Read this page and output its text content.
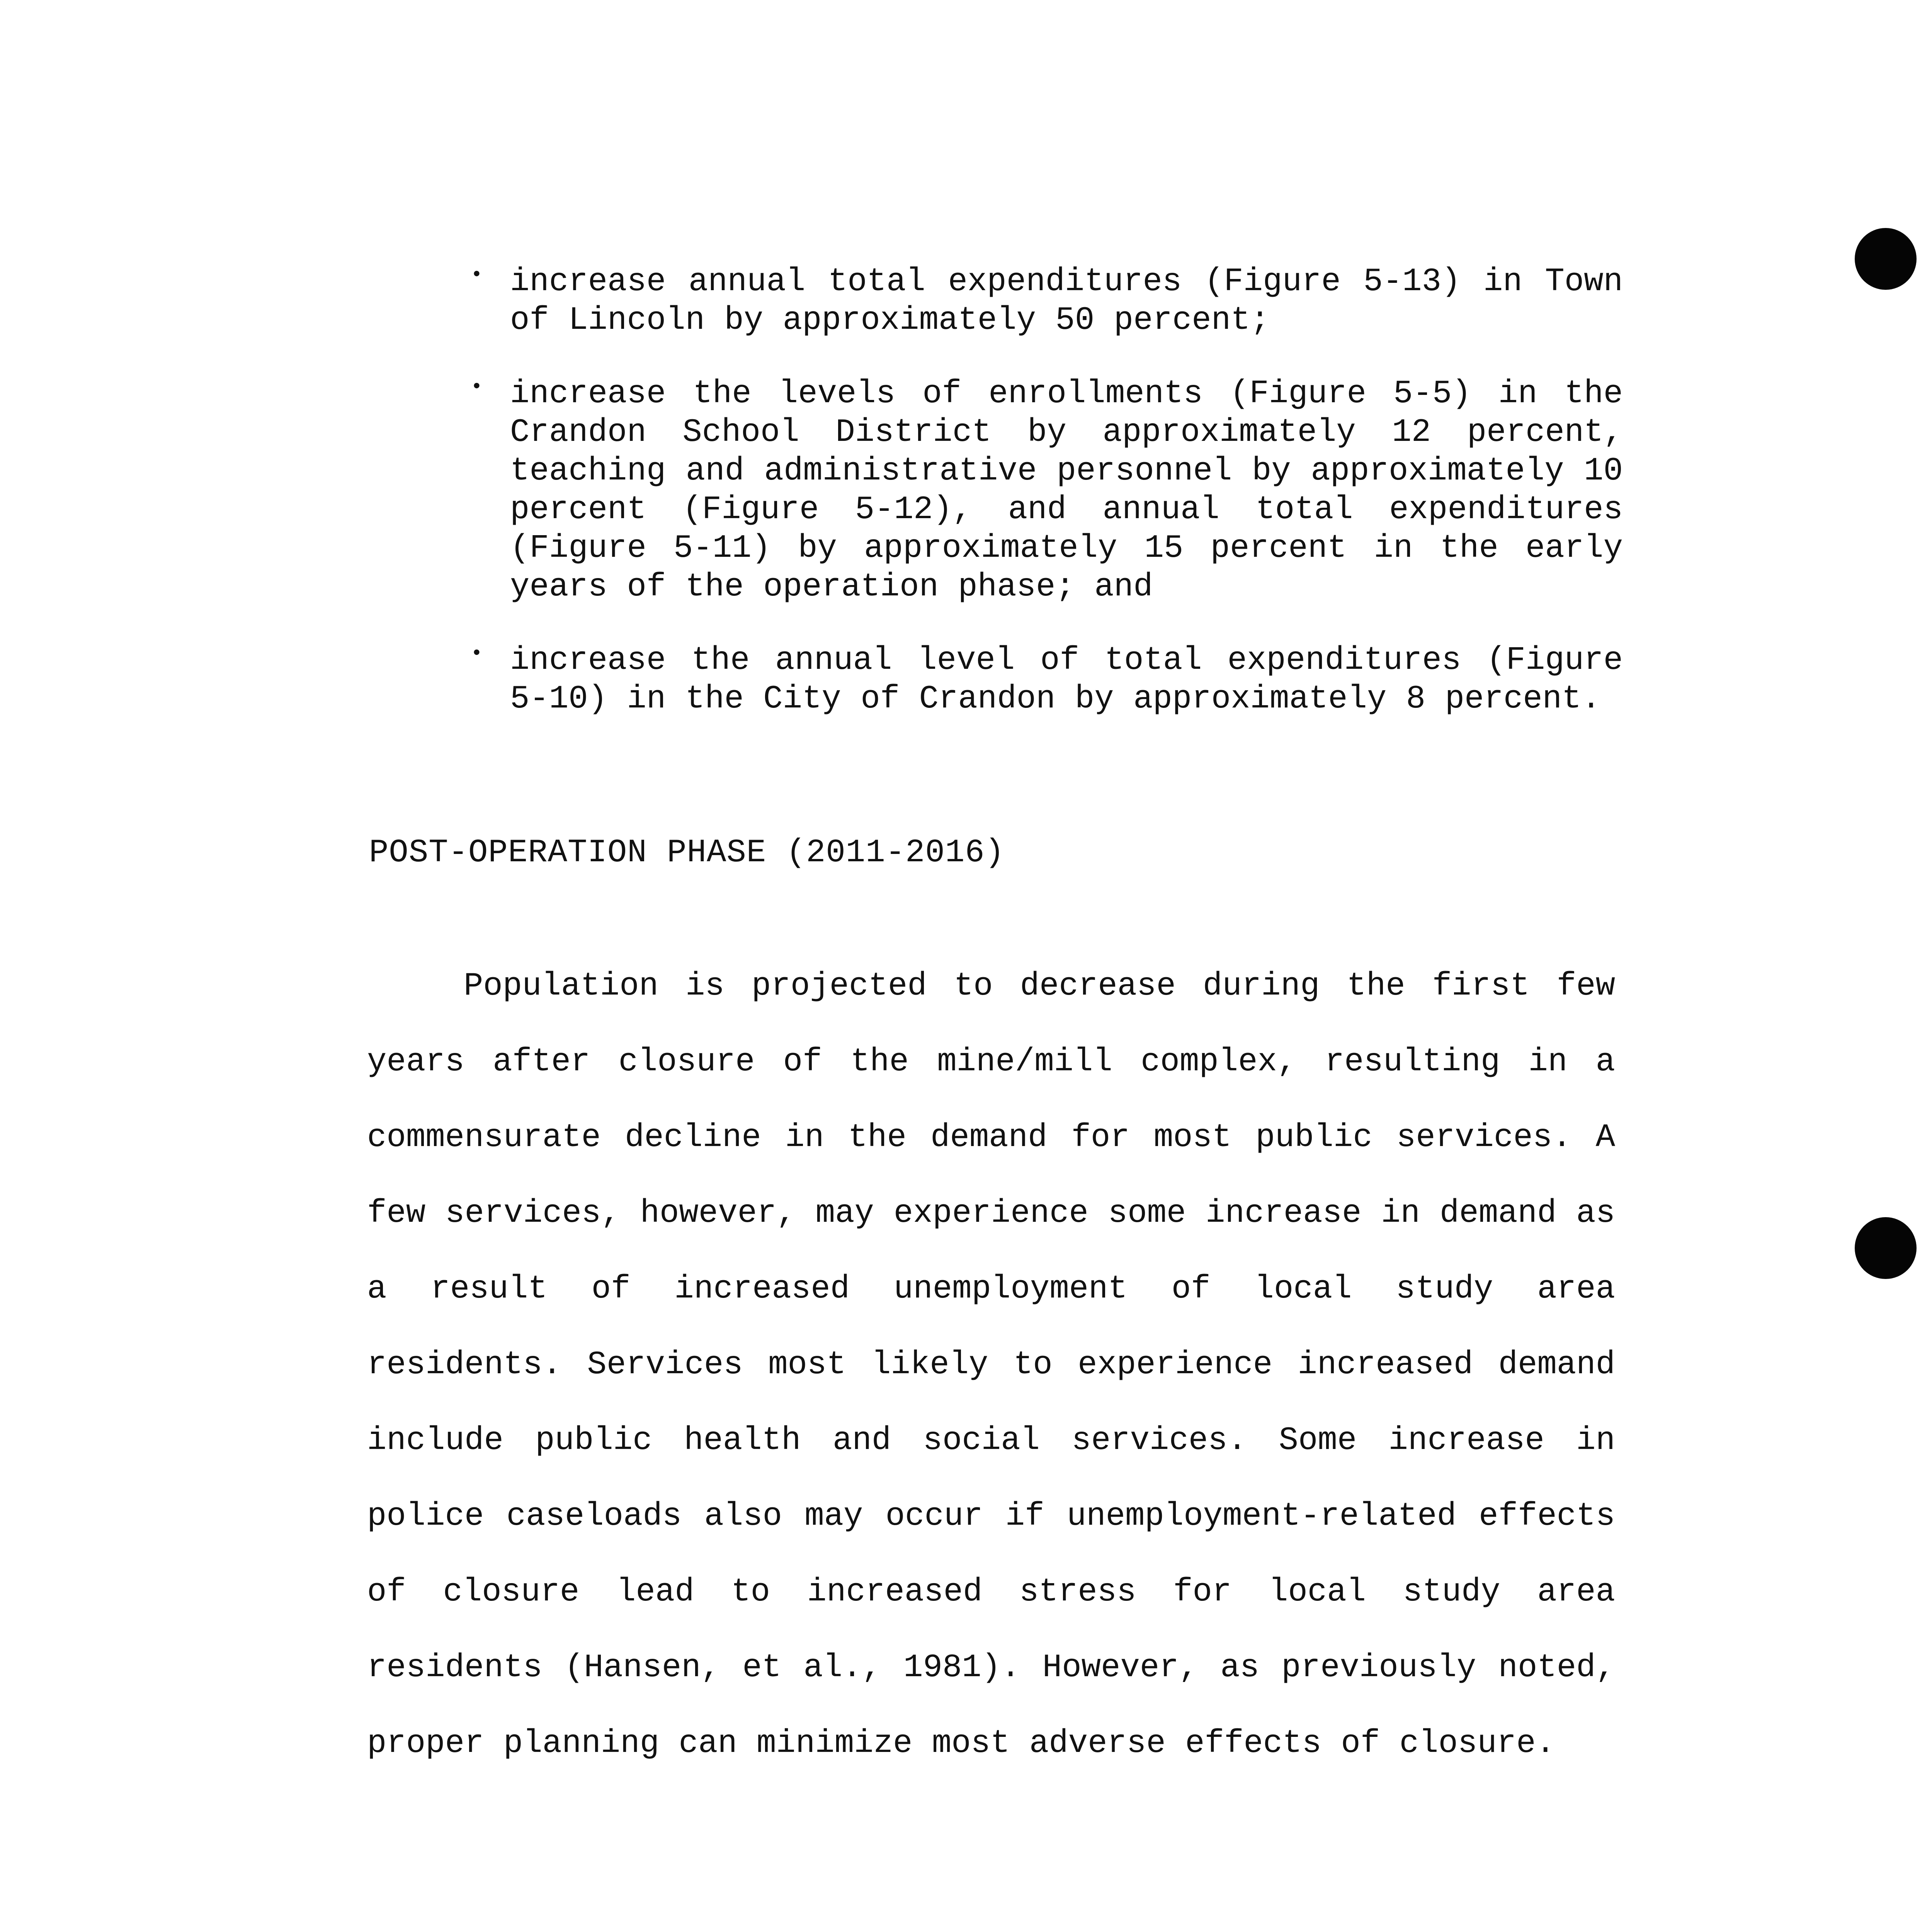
• increase annual total expenditures (Figure 5-13) in Town of Lincoln by approximately 50 percent;
• increase the levels of enrollments (Figure 5-5) in the Crandon School District by approximately 12 percent, teaching and administrative personnel by approximately 10 percent (Figure 5-12), and annual total expenditures (Figure 5-11) by approximately 15 percent in the early years of the operation phase; and
• increase the annual level of total expenditures (Figure 5-10) in the City of Crandon by approximately 8 percent.
POST-OPERATION PHASE (2011-2016)

Population is projected to decrease during the first few years after closure of the mine/mill complex, resulting in a commensurate decline in the demand for most public services. A few services, however, may experience some increase in demand as a result of increased unemployment of local study area residents. Services most likely to experience increased demand include public health and social services. Some increase in police caseloads also may occur if unemployment-related effects of closure lead to increased stress for local study area residents (Hansen, et al., 1981). However, as previously noted, proper planning can minimize most adverse effects of closure.
